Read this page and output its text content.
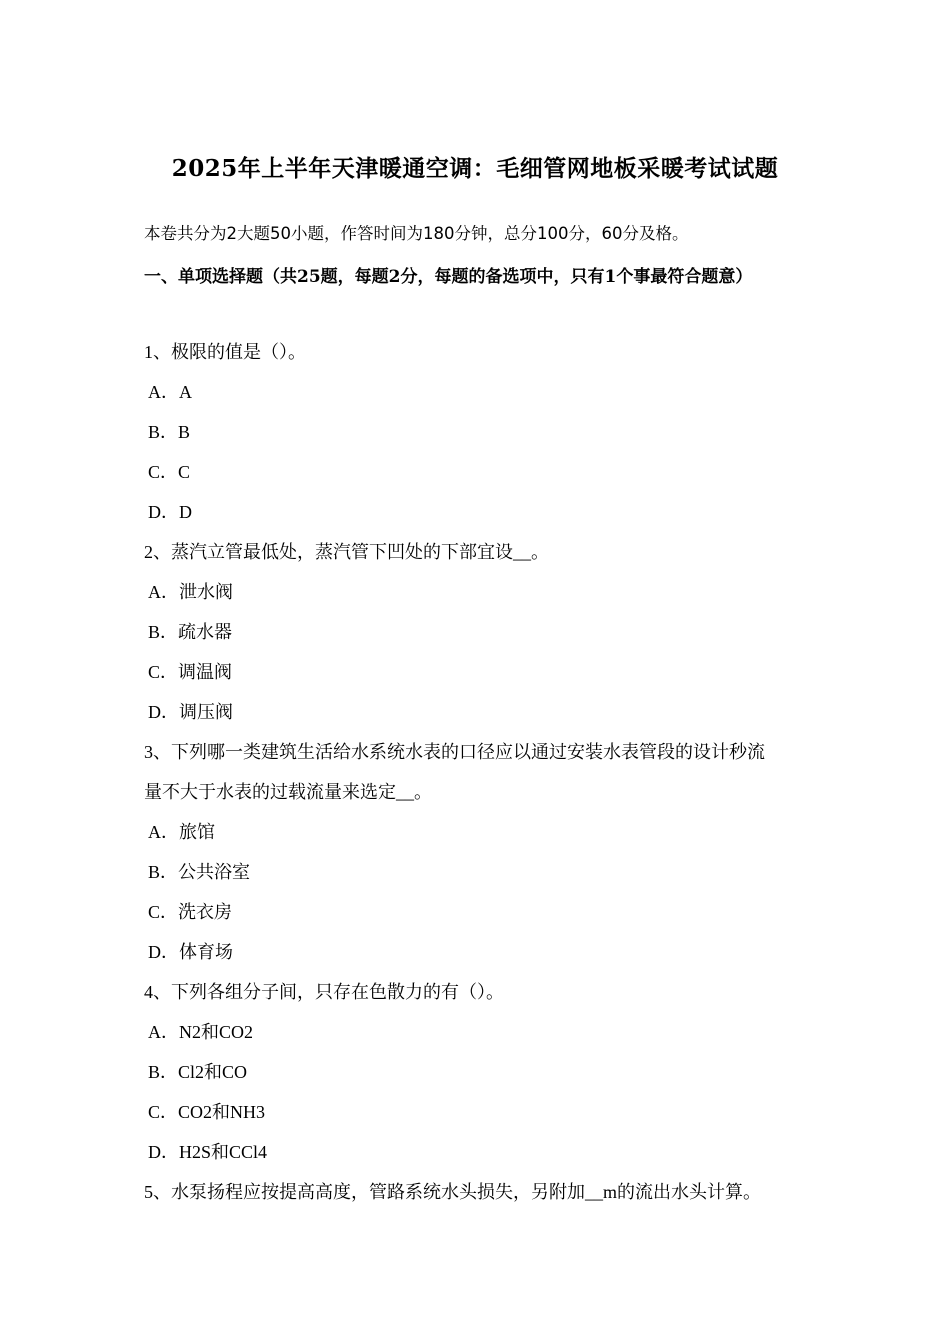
2025年上半年天津暖通空调：毛细管网地板采暖考试试题
本卷共分为2大题50小题，作答时间为180分钟，总分100分，60分及格。
一、单项选择题（共25题，每题2分，每题的备选项中，只有1个事最符合题意）
1、极限的值是（）。
A．A
B．B
C．C
D．D
2、蒸汽立管最低处，蒸汽管下凹处的下部宜设__。
A．泄水阀
B．疏水器
C．调温阀
D．调压阀
3、下列哪一类建筑生活给水系统水表的口径应以通过安装水表管段的设计秒流
量不大于水表的过载流量来选定__。
A．旅馆
B．公共浴室
C．洗衣房
D．体育场
4、下列各组分子间，只存在色散力的有（）。
A．N2和CO2
B．Cl2和CO
C．CO2和NH3
D．H2S和CCl4
5、水泵扬程应按提高高度，管路系统水头损失，另附加__m的流出水头计算。
